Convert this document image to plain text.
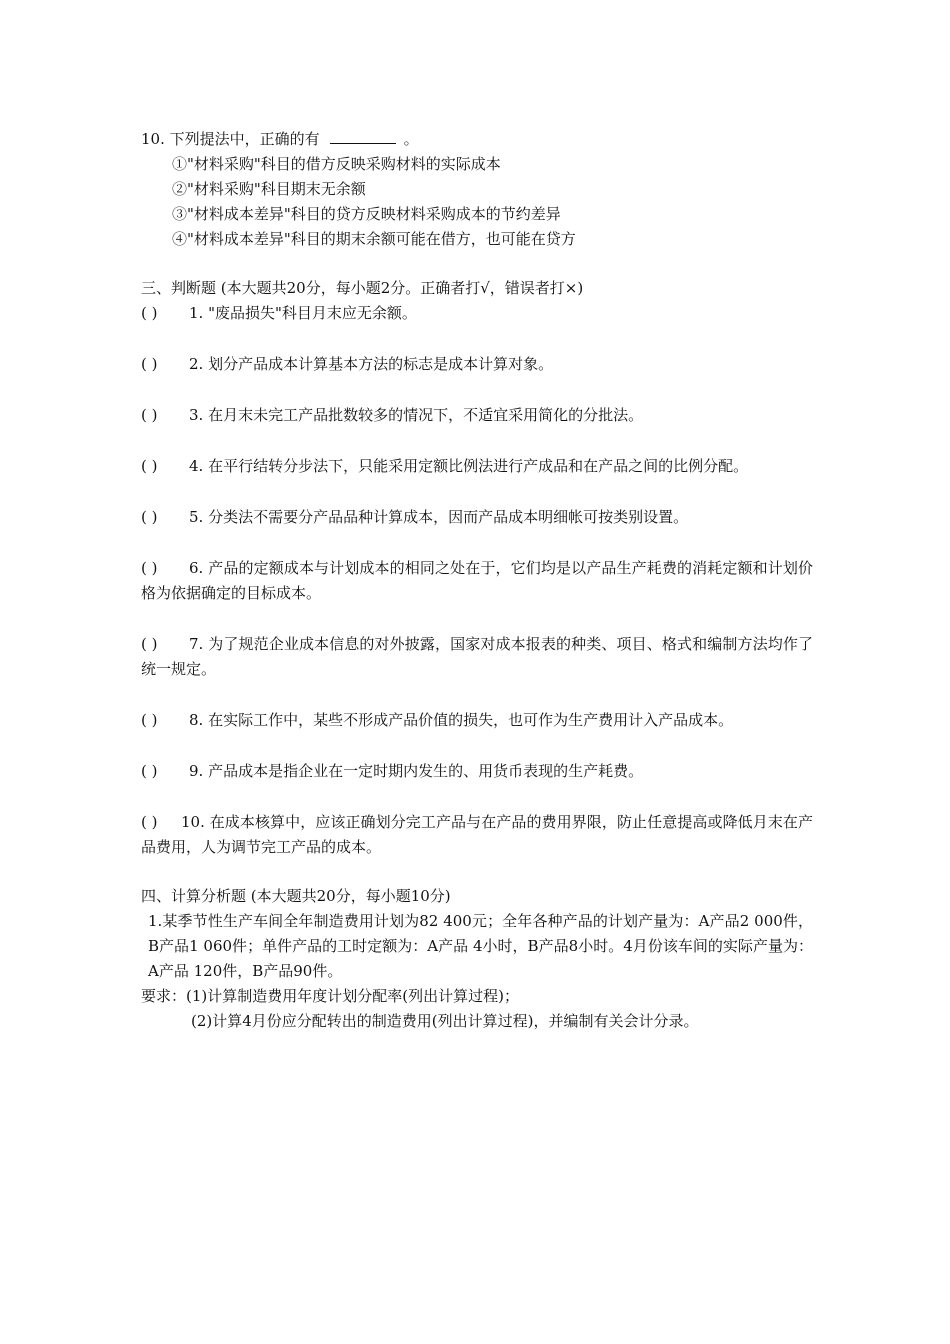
10. 下列提法中，正确的有	。
①"材料采购"科目的借方反映采购材料的实际成本
②"材料采购"科目期末无余额
③"材料成本差异"科目的贷方反映材料采购成本的节约差异
④"材料成本差异"科目的期末余额可能在借方，也可能在贷方
三、判断题 (本大题共20分，每小题2分。正确者打√，错误者打×)
( ) 1. "废品损失"科目月末应无余额。
( ) 2. 划分产品成本计算基本方法的标志是成本计算对象。
( ) 3. 在月末未完工产品批数较多的情况下，不适宜采用简化的分批法。
( ) 4. 在平行结转分步法下，只能采用定额比例法进行产成品和在产品之间的比例分配。
( ) 5. 分类法不需要分产品品种计算成本，因而产品成本明细帐可按类别设置。
( ) 6. 产品的定额成本与计划成本的相同之处在于，它们均是以产品生产耗费的消耗定额和计划价格为依据确定的目标成本。
( ) 7. 为了规范企业成本信息的对外披露，国家对成本报表的种类、项目、格式和编制方法均作了统一规定。
( ) 8. 在实际工作中，某些不形成产品价值的损失，也可作为生产费用计入产品成本。
( ) 9. 产品成本是指企业在一定时期内发生的、用货币表现的生产耗费。
( ) 10. 在成本核算中，应该正确划分完工产品与在产品的费用界限，防止任意提高或降低月末在产品费用，人为调节完工产品的成本。
四、计算分析题 (本大题共20分，每小题10分)
1.某季节性生产车间全年制造费用计划为82 400元；全年各种产品的计划产量为：A产品2 000件，B产品1 060件；单件产品的工时定额为：A产品 4小时，B产品8小时。4月份该车间的实际产量为：A产品 120件，B产品90件。
要求：(1)计算制造费用年度计划分配率(列出计算过程)；
(2)计算4月份应分配转出的制造费用(列出计算过程)，并编制有关会计分录。
